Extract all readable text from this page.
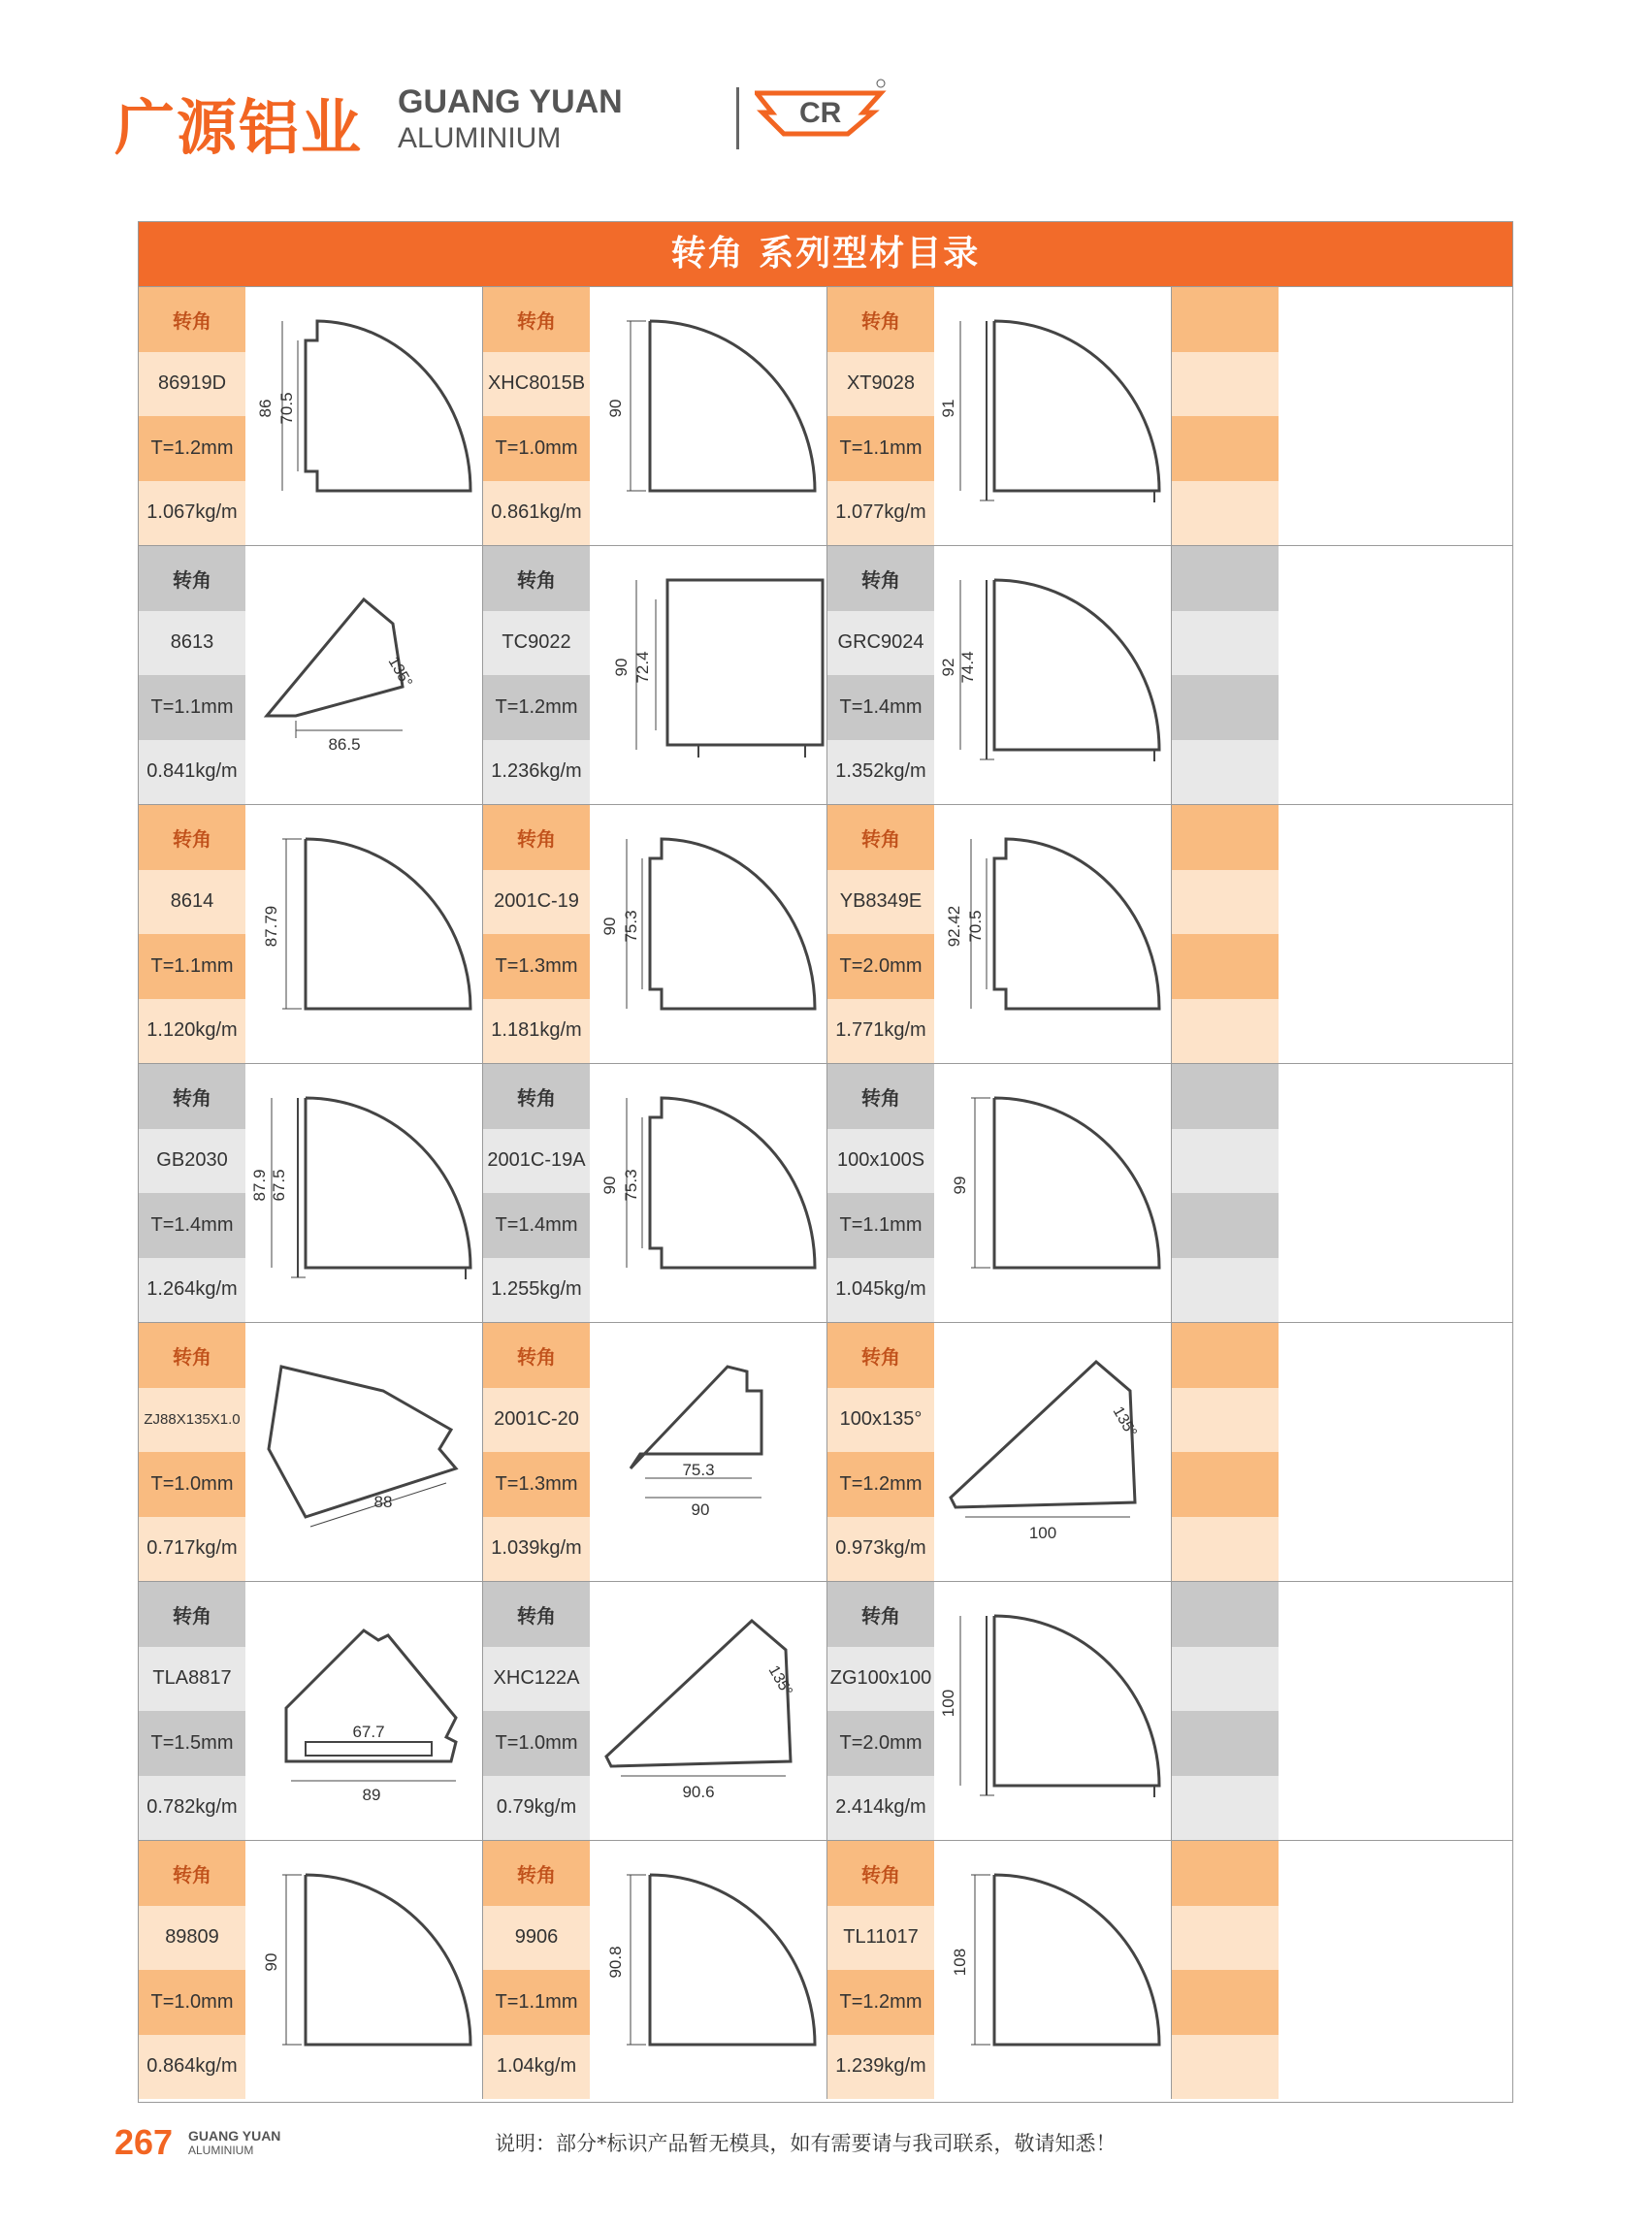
广源铝业 GUANG YUAN
ALUMINIUM
CR
转角 系列型材目录
转角
86919D
T=1.2mm
1.067kg/m
86 70.5
转角
XHC8015B
T=1.0mm
0.861kg/m
90
转角
XT9028
T=1.1mm
1.077kg/m
91
转角
8613
T=1.1mm
0.841kg/m
86.5
135°
转角
TC9022
T=1.2mm
1.236kg/m
90 72.4
转角
GRC9024
T=1.4mm
1.352kg/m
92 74.4
转角
8614
T=1.1mm
1.120kg/m
87.79
转角
2001C-19
T=1.3mm
1.181kg/m
90 75.3
转角
YB8349E
T=2.0mm
1.771kg/m
92.42 70.5
转角
GB2030
T=1.4mm
1.264kg/m
87.9 67.5
转角
2001C-19A
T=1.4mm
1.255kg/m
90 75.3
转角
100x100S
T=1.1mm
1.045kg/m
99
转角
ZJ88X135X1.0
T=1.0mm
0.717kg/m
88
转角
2001C-20
T=1.3mm
1.039kg/m
75.3
90
转角
100x135°
T=1.2mm
0.973kg/m
100
135°
转角
TLA8817
T=1.5mm
0.782kg/m
67.7
89
转角
XHC122A
T=1.0mm
0.79kg/m
90.6
135°
转角
ZG100x100
T=2.0mm
2.414kg/m
100
转角
89809
T=1.0mm
0.864kg/m
90
转角
9906
T=1.1mm
1.04kg/m
90.8
转角
TL11017
T=1.2mm
1.239kg/m
108
267 GUANG YUAN
ALUMINIUM	说明：部分*标识产品暂无模具，如有需要请与我司联系，敬请知悉！
